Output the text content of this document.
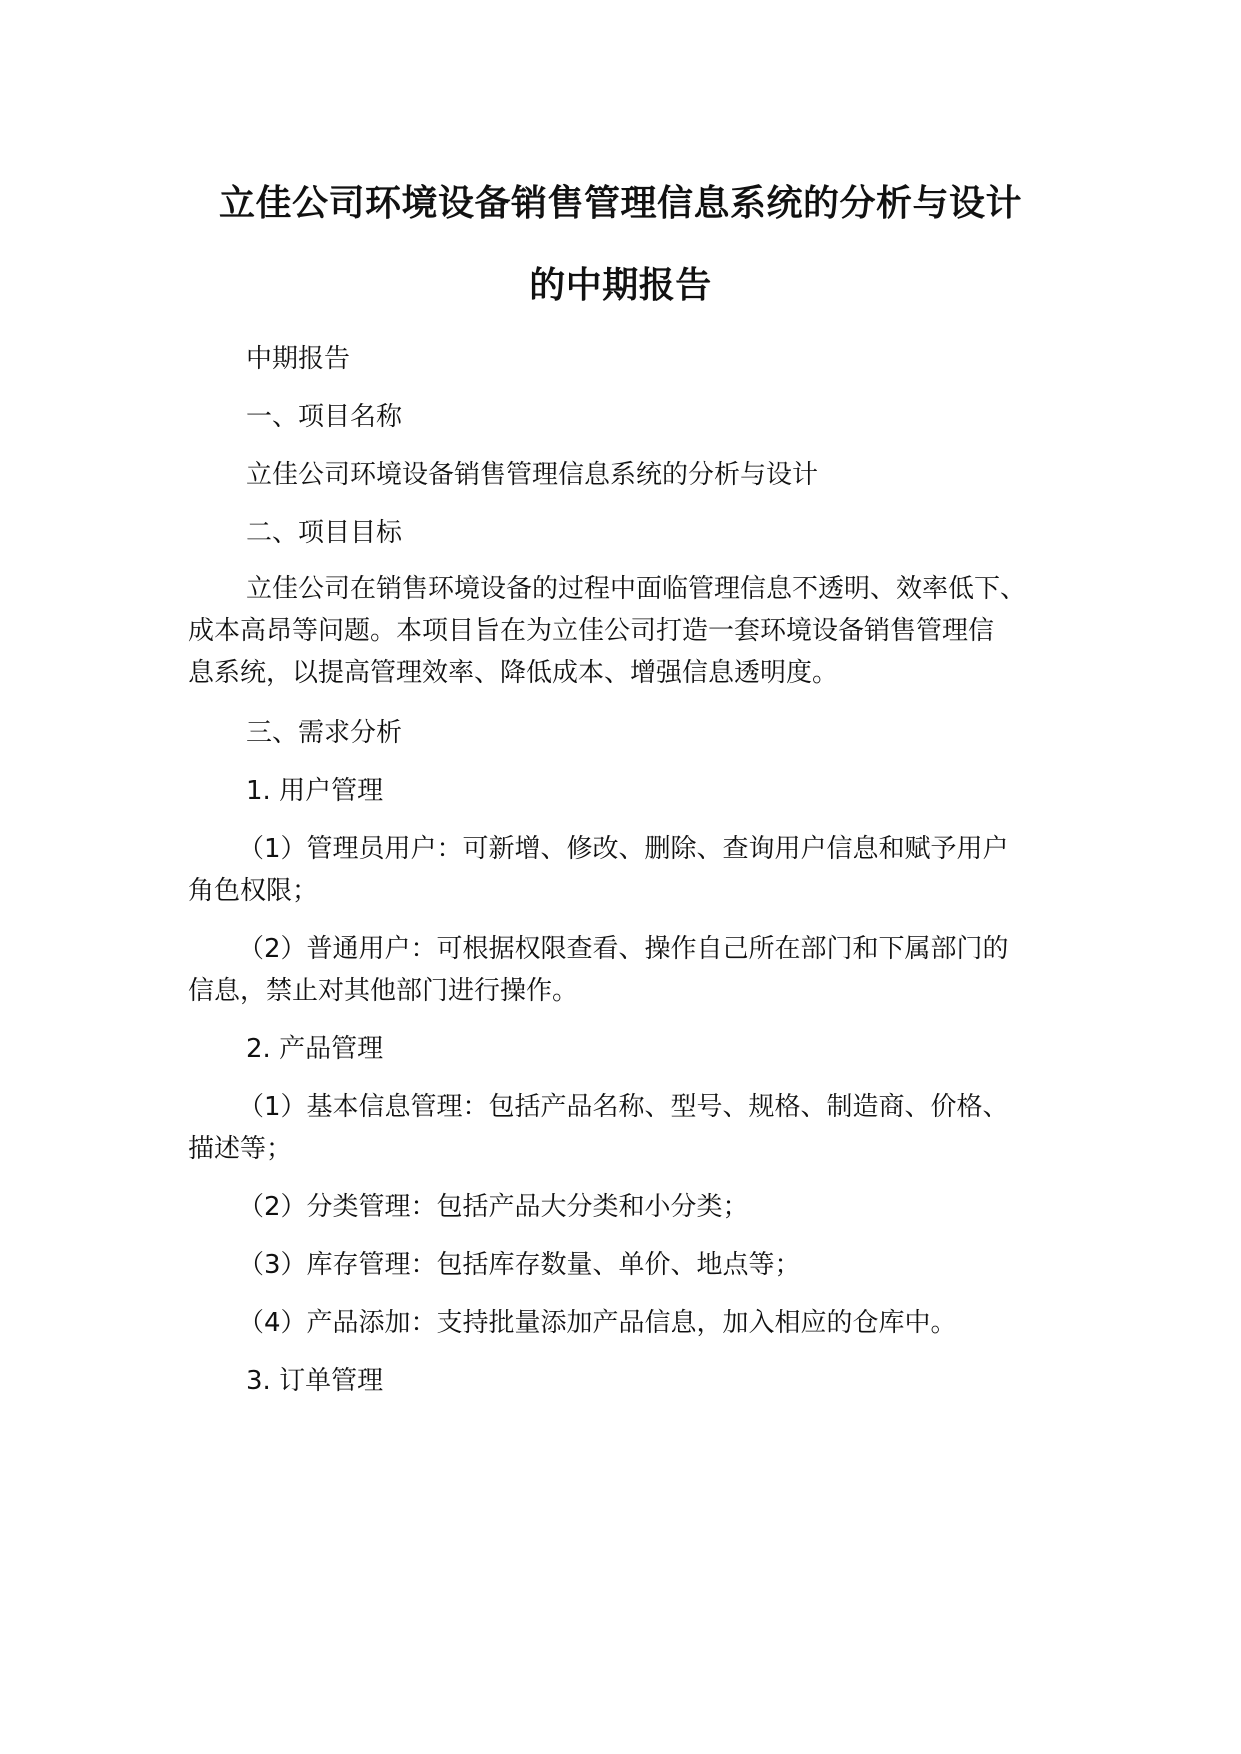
立佳公司环境设备销售管理信息系统的分析与设计
的中期报告

中期报告

一、项目名称

立佳公司环境设备销售管理信息系统的分析与设计

二、项目目标

立佳公司在销售环境设备的过程中面临管理信息不透明、效率低下、
成本高昂等问题。本项目旨在为立佳公司打造一套环境设备销售管理信
息系统，以提高管理效率、降低成本、增强信息透明度。

三、需求分析

1. 用户管理

（1）管理员用户：可新增、修改、删除、查询用户信息和赋予用户
角色权限；

（2）普通用户：可根据权限查看、操作自己所在部门和下属部门的
信息，禁止对其他部门进行操作。

2. 产品管理

（1）基本信息管理：包括产品名称、型号、规格、制造商、价格、
描述等；

（2）分类管理：包括产品大分类和小分类；

（3）库存管理：包括库存数量、单价、地点等；

（4）产品添加：支持批量添加产品信息，加入相应的仓库中。

3. 订单管理
